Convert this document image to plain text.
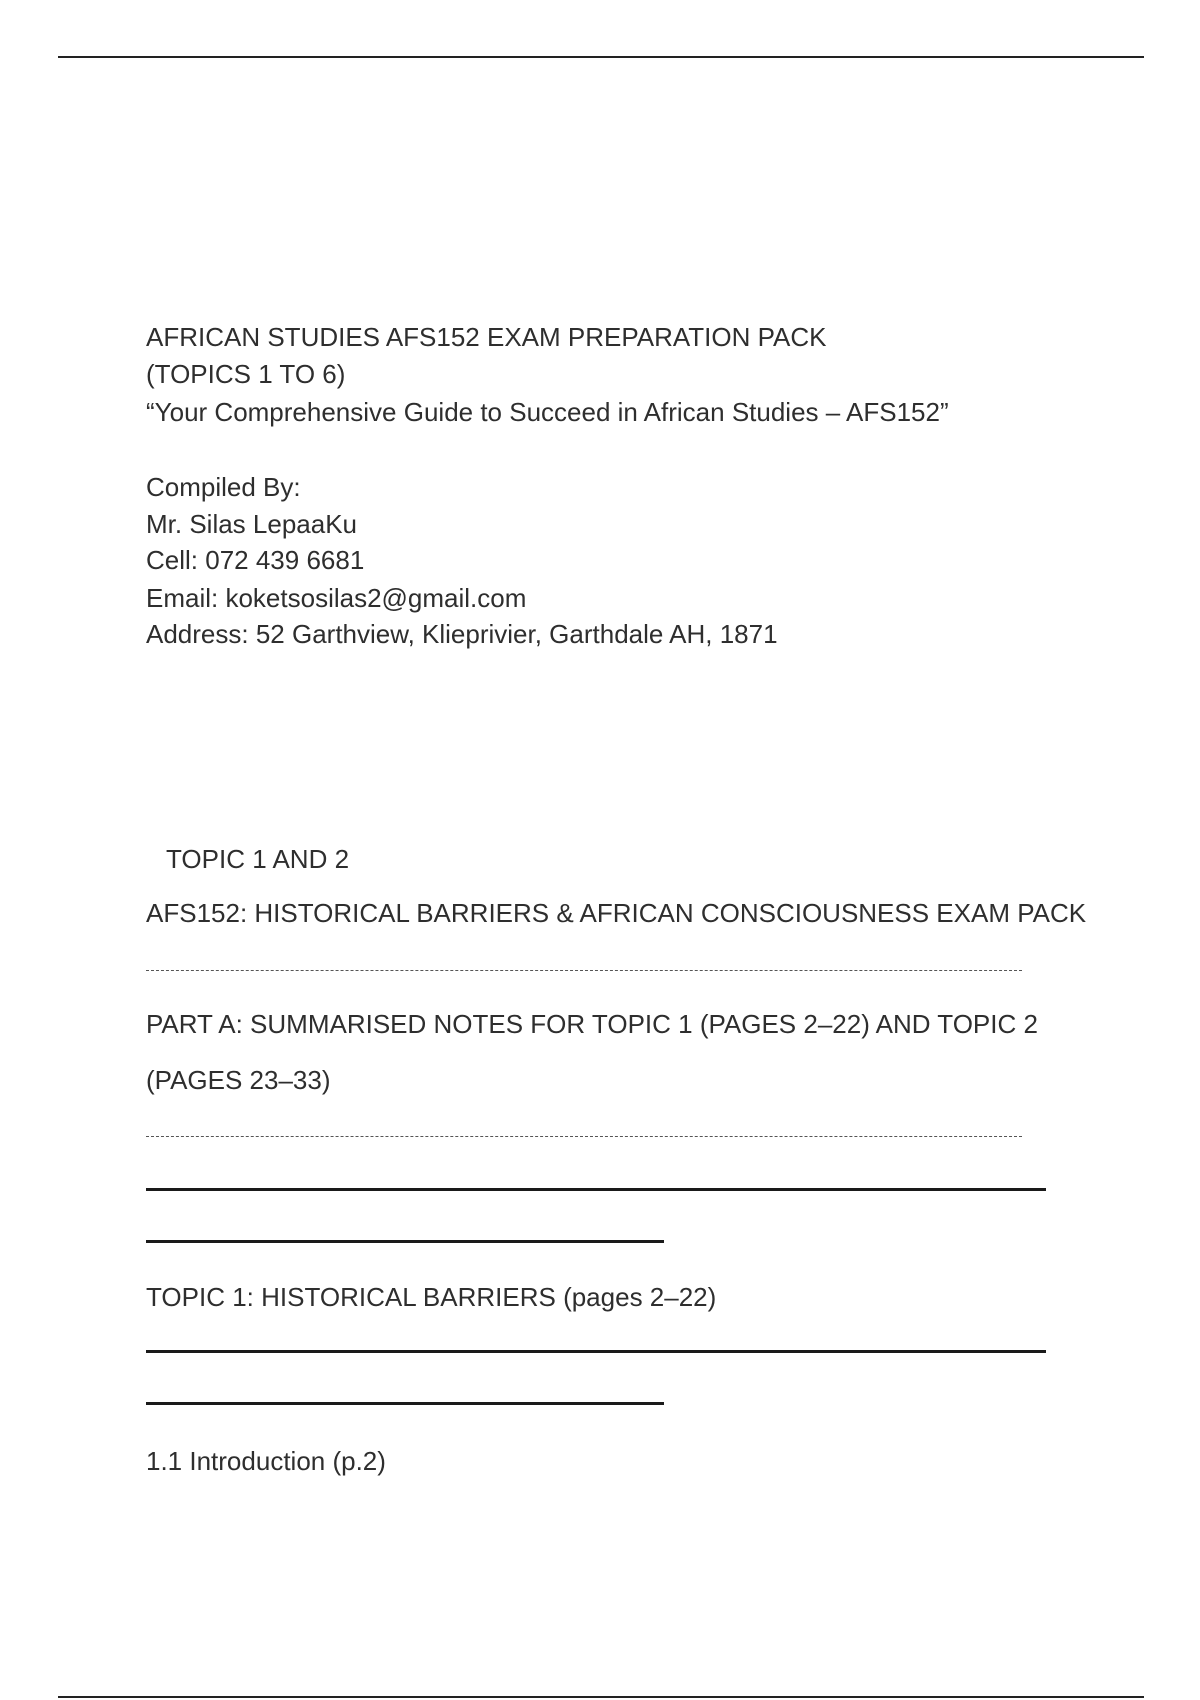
AFRICAN STUDIES AFS152 EXAM PREPARATION PACK
(TOPICS 1 TO 6)
“Your Comprehensive Guide to Succeed in African Studies – AFS152”
Compiled By:
Mr. Silas LepaaKu
Cell: 072 439 6681
Email: koketsosilas2@gmail.com
Address: 52 Garthview, Klieprivier, Garthdale AH, 1871
TOPIC 1 AND 2
AFS152: HISTORICAL BARRIERS & AFRICAN CONSCIOUSNESS EXAM PACK
PART A: SUMMARISED NOTES FOR TOPIC 1 (PAGES 2–22) AND TOPIC 2
(PAGES 23–33)
TOPIC 1: HISTORICAL BARRIERS (pages 2–22)
1.1 Introduction (p.2)
